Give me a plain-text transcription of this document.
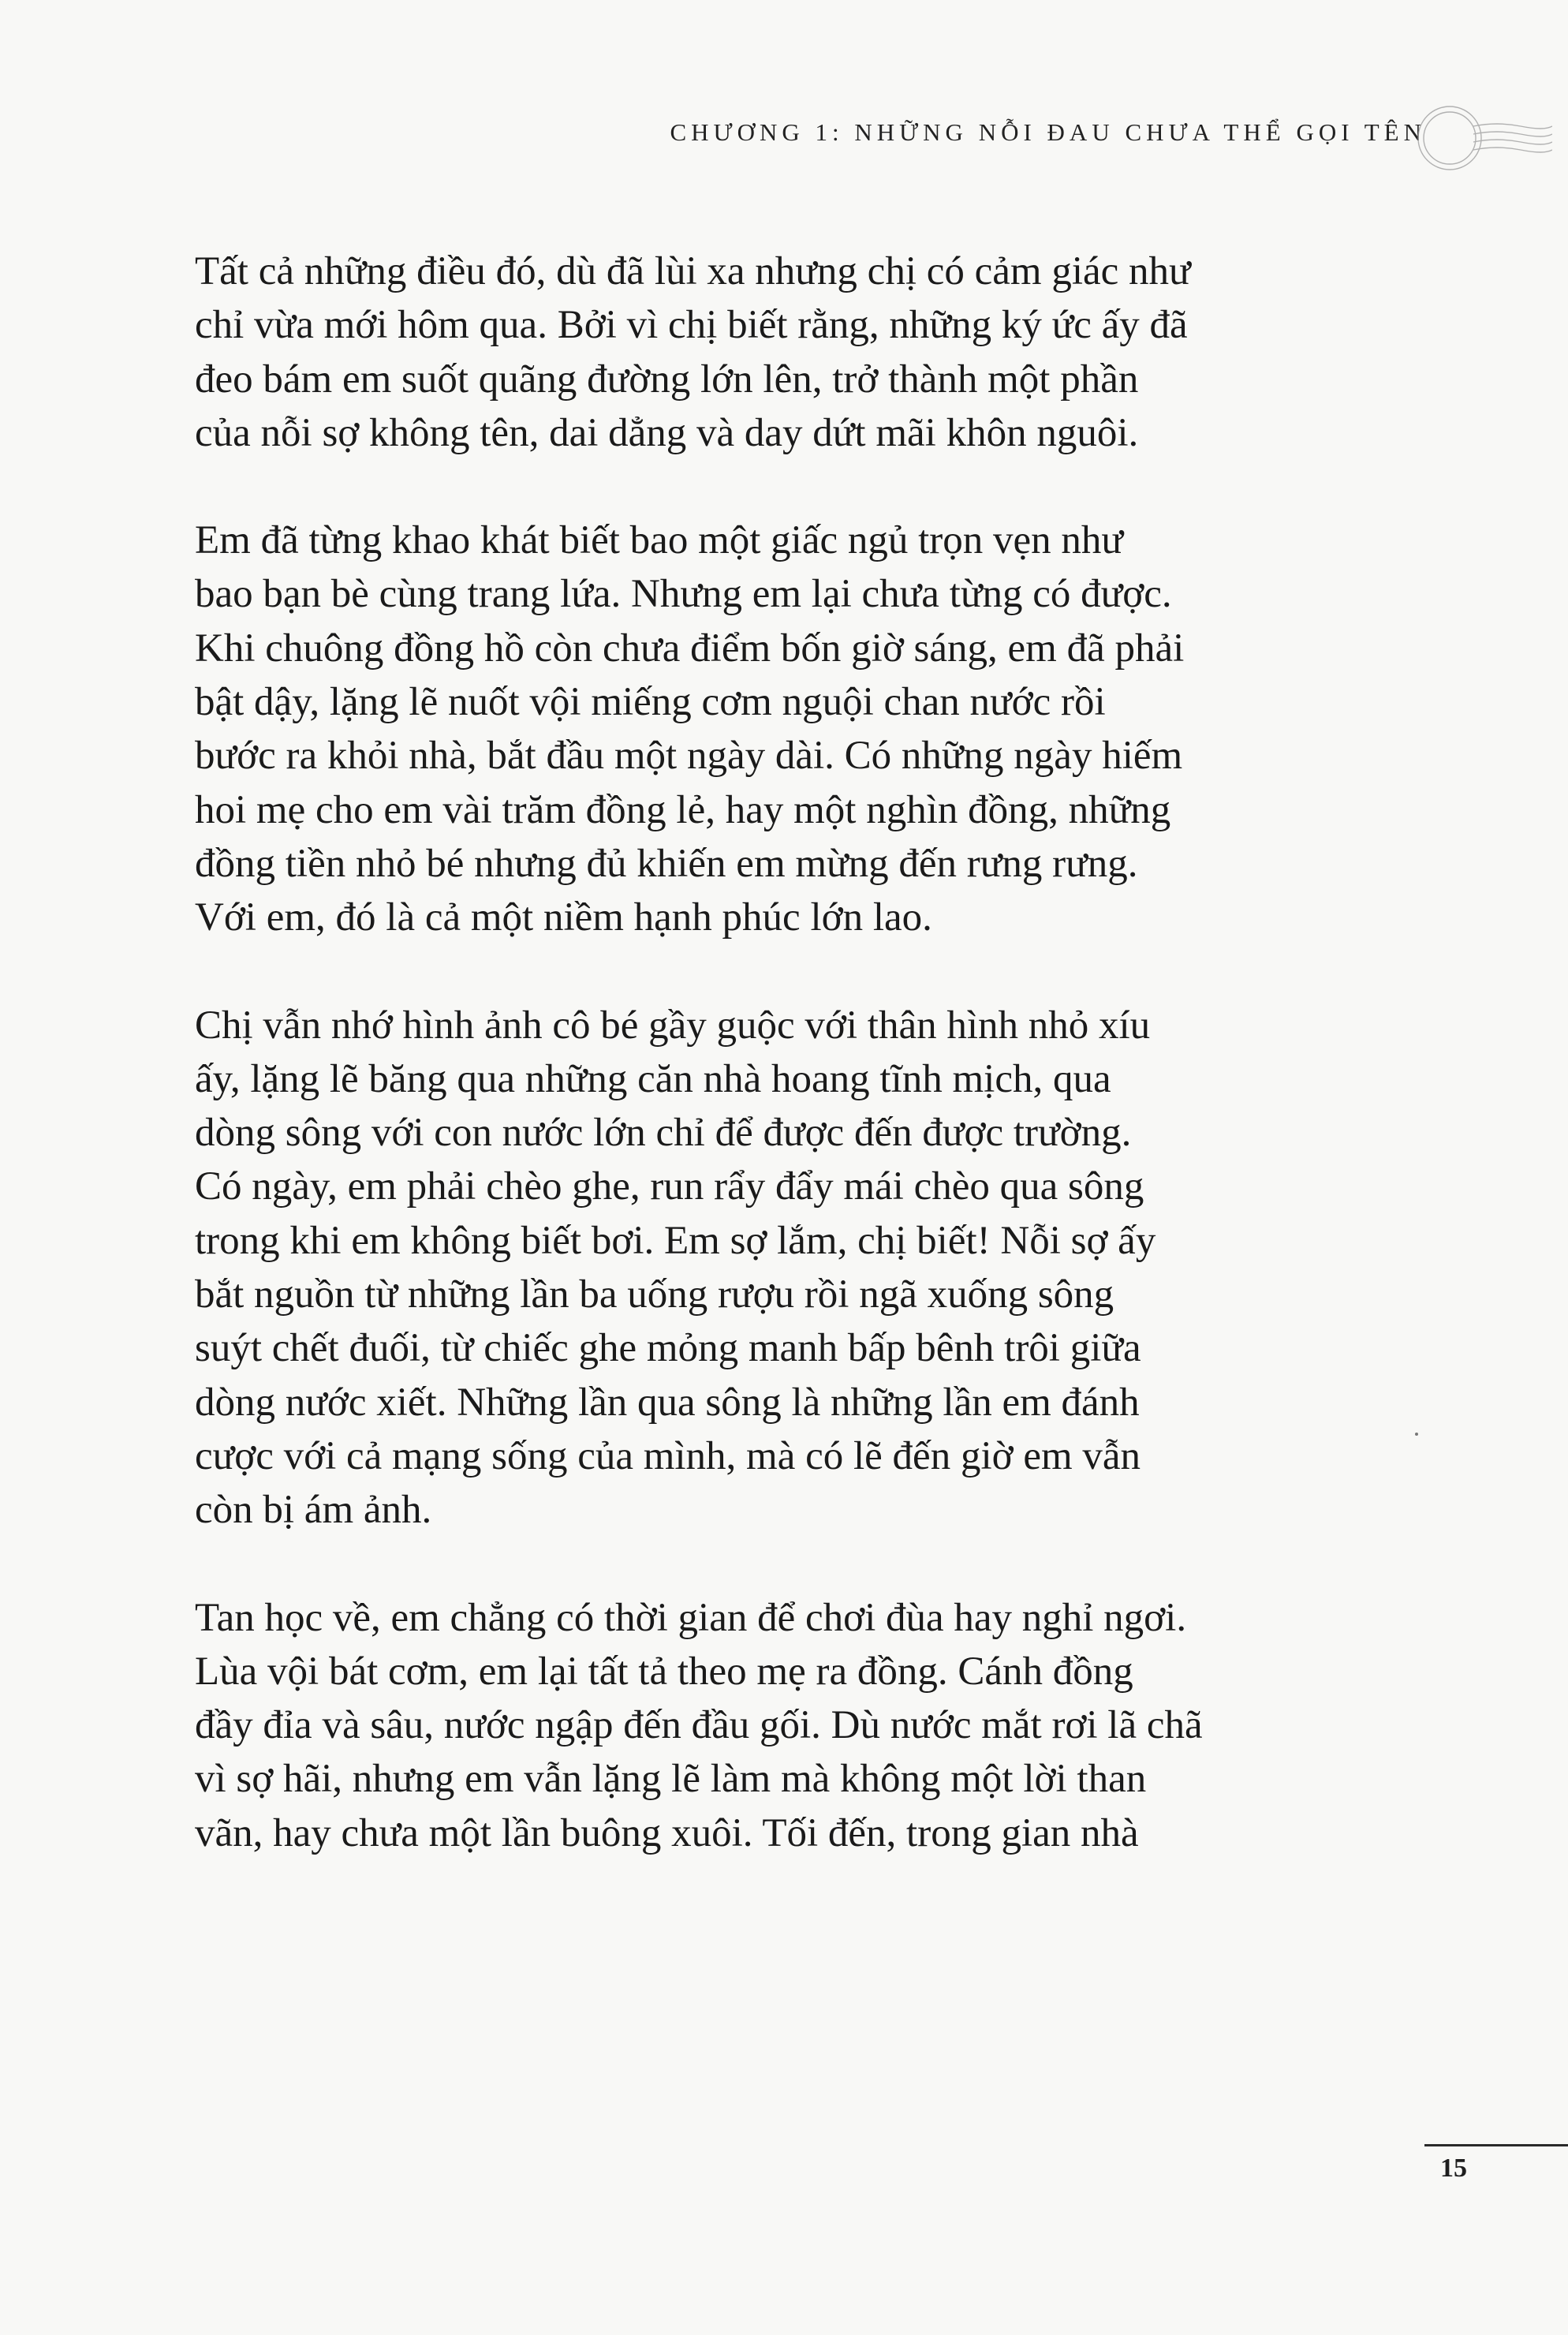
CHƯƠNG 1: NHỮNG NỖI ĐAU CHƯA THỂ GỌI TÊN

Tất cả những điều đó, dù đã lùi xa nhưng chị có cảm giác như
chỉ vừa mới hôm qua. Bởi vì chị biết rằng, những ký ức ấy đã
đeo bám em suốt quãng đường lớn lên, trở thành một phần
của nỗi sợ không tên, dai dẳng và day dứt mãi khôn nguôi.

Em đã từng khao khát biết bao một giấc ngủ trọn vẹn như
bao bạn bè cùng trang lứa. Nhưng em lại chưa từng có được.
Khi chuông đồng hồ còn chưa điểm bốn giờ sáng, em đã phải
bật dậy, lặng lẽ nuốt vội miếng cơm nguội chan nước rồi
bước ra khỏi nhà, bắt đầu một ngày dài. Có những ngày hiếm
hoi mẹ cho em vài trăm đồng lẻ, hay một nghìn đồng, những
đồng tiền nhỏ bé nhưng đủ khiến em mừng đến rưng rưng.
Với em, đó là cả một niềm hạnh phúc lớn lao.

Chị vẫn nhớ hình ảnh cô bé gầy guộc với thân hình nhỏ xíu
ấy, lặng lẽ băng qua những căn nhà hoang tĩnh mịch, qua
dòng sông với con nước lớn chỉ để được đến được trường.
Có ngày, em phải chèo ghe, run rẩy đẩy mái chèo qua sông
trong khi em không biết bơi. Em sợ lắm, chị biết! Nỗi sợ ấy
bắt nguồn từ những lần ba uống rượu rồi ngã xuống sông
suýt chết đuối, từ chiếc ghe mỏng manh bấp bênh trôi giữa
dòng nước xiết. Những lần qua sông là những lần em đánh
cược với cả mạng sống của mình, mà có lẽ đến giờ em vẫn
còn bị ám ảnh.

Tan học về, em chẳng có thời gian để chơi đùa hay nghỉ ngơi.
Lùa vội bát cơm, em lại tất tả theo mẹ ra đồng. Cánh đồng
đầy đỉa và sâu, nước ngập đến đầu gối. Dù nước mắt rơi lã chã
vì sợ hãi, nhưng em vẫn lặng lẽ làm mà không một lời than
vãn, hay chưa một lần buông xuôi. Tối đến, trong gian nhà

15
